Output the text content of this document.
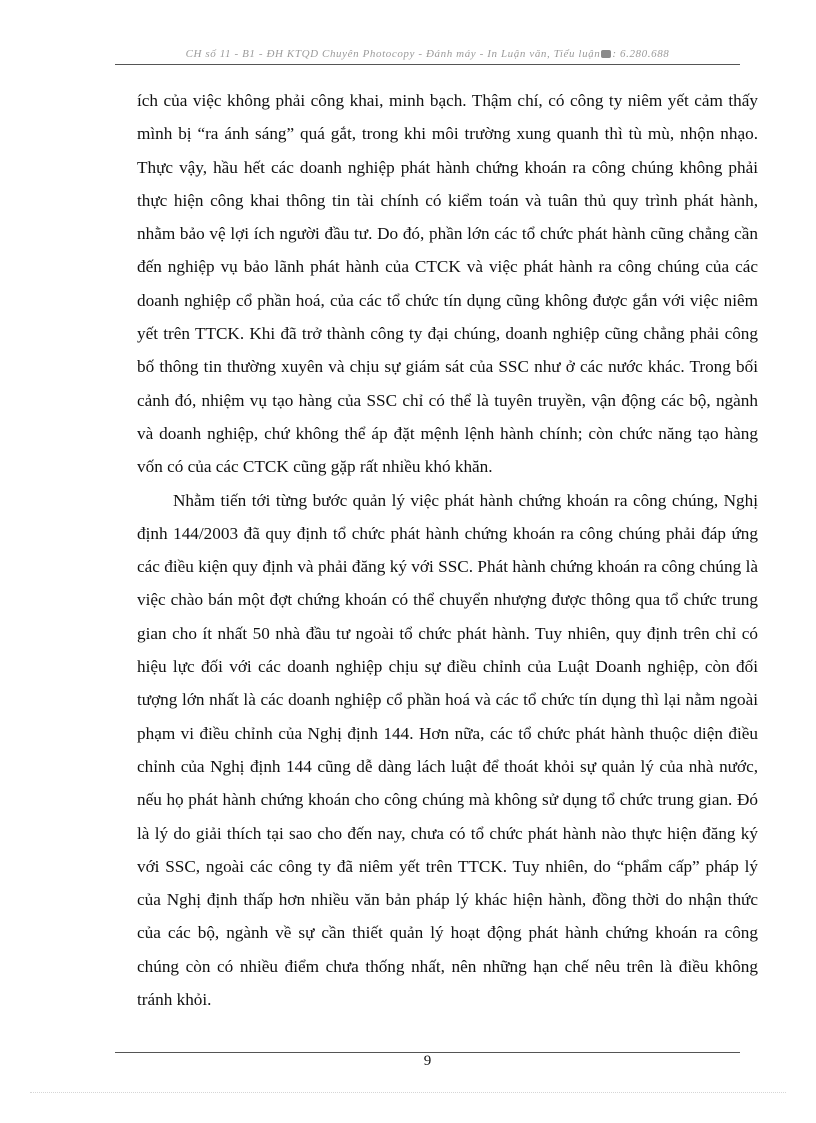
CH số 11 - B1 - ĐH KTQD Chuyên Photocopy - Đánh máy - In Luận văn, Tiểu luận : 6.280.688

ích của việc không phải công khai, minh bạch. Thậm chí, có công ty niêm yết cảm thấy mình bị “ra ánh sáng” quá gắt, trong khi môi trường xung quanh thì tù mù, nhộn nhạo. Thực vậy, hầu hết các doanh nghiệp phát hành chứng khoán ra công chúng không phải thực hiện công khai thông tin tài chính có kiểm toán và tuân thủ quy trình phát hành, nhằm bảo vệ lợi ích người đầu tư. Do đó, phần lớn các tổ chức phát hành cũng chẳng cần đến nghiệp vụ bảo lãnh phát hành của CTCK và việc phát hành ra công chúng của các doanh nghiệp cổ phần hoá, của các tổ chức tín dụng cũng không được gắn với việc niêm yết trên TTCK. Khi đã trở thành công ty đại chúng, doanh nghiệp cũng chẳng phải công bố thông tin thường xuyên và chịu sự giám sát của SSC như ở các nước khác. Trong bối cảnh đó, nhiệm vụ tạo hàng của SSC chỉ có thể là tuyên truyền, vận động các bộ, ngành và doanh nghiệp, chứ không thể áp đặt mệnh lệnh hành chính; còn chức năng tạo hàng vốn có của các CTCK cũng gặp rất nhiều khó khăn.

Nhằm tiến tới từng bước quản lý việc phát hành chứng khoán ra công chúng, Nghị định 144/2003 đã quy định tổ chức phát hành chứng khoán ra công chúng phải đáp ứng các điều kiện quy định và phải đăng ký với SSC. Phát hành chứng khoán ra công chúng là việc chào bán một đợt chứng khoán có thể chuyển nhượng được thông qua tổ chức trung gian cho ít nhất 50 nhà đầu tư ngoài tổ chức phát hành. Tuy nhiên, quy định trên chỉ có hiệu lực đối với các doanh nghiệp chịu sự điều chỉnh của Luật Doanh nghiệp, còn đối tượng lớn nhất là các doanh nghiệp cổ phần hoá và các tổ chức tín dụng thì lại nằm ngoài phạm vi điều chỉnh của Nghị định 144. Hơn nữa, các tổ chức phát hành thuộc diện điều chỉnh của Nghị định 144 cũng dễ dàng lách luật để thoát khỏi sự quản lý của nhà nước, nếu họ phát hành chứng khoán cho công chúng mà không sử dụng tổ chức trung gian. Đó là lý do giải thích tại sao cho đến nay, chưa có tổ chức phát hành nào thực hiện đăng ký với SSC, ngoài các công ty đã niêm yết trên TTCK. Tuy nhiên, do “phẩm cấp” pháp lý của Nghị định thấp hơn nhiều văn bản pháp lý khác hiện hành, đồng thời do nhận thức của các bộ, ngành về sự cần thiết quản lý hoạt động phát hành chứng khoán ra công chúng còn có nhiều điểm chưa thống nhất, nên những hạn chế nêu trên là điều không tránh khỏi.

9
